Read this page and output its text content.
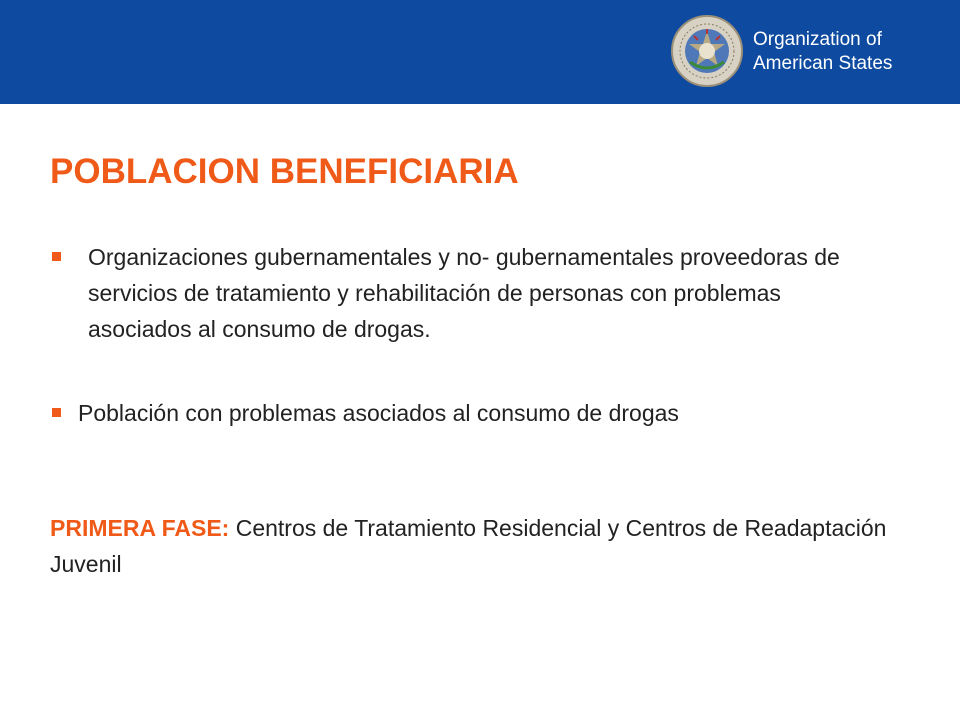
Organization of
American States
POBLACION BENEFICIARIA
Organizaciones gubernamentales y no- gubernamentales proveedoras de servicios de tratamiento y rehabilitación de personas con problemas asociados al consumo de drogas.
Población con problemas asociados al consumo de drogas
PRIMERA FASE: Centros de Tratamiento Residencial y Centros de Readaptación Juvenil
